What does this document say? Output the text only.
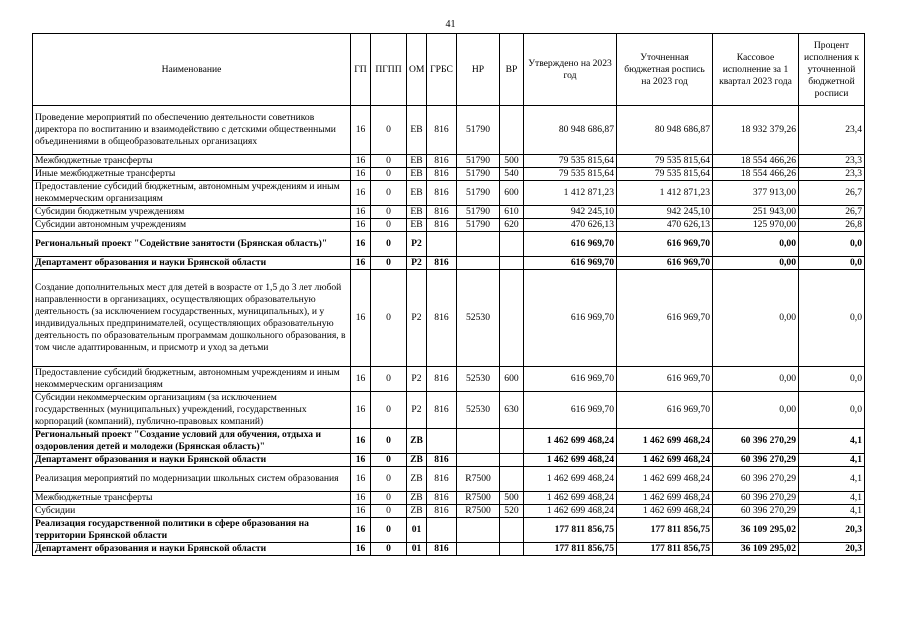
41
Наименование	ГП	ПГПП	ОМ	ГРБС	НР	ВР	Утверждено на 2023 год	Уточненная бюджетная роспись на 2023 год	Кассовое исполнение за 1 квартал 2023 года	Процент исполнения к уточненной бюджетной росписи
Проведение мероприятий по обеспечению деятельности советников директора по воспитанию и взаимодействию с детскими общественными объединениями в общеобразовательных организациях	16	0	ЕВ	816	51790		80 948 686,87	80 948 686,87	18 932 379,26	23,4
Межбюджетные трансферты	16	0	ЕВ	816	51790	500	79 535 815,64	79 535 815,64	18 554 466,26	23,3
Иные межбюджетные трансферты	16	0	ЕВ	816	51790	540	79 535 815,64	79 535 815,64	18 554 466,26	23,3
Предоставление субсидий бюджетным, автономным учреждениям и иным некоммерческим организациям	16	0	ЕВ	816	51790	600	1 412 871,23	1 412 871,23	377 913,00	26,7
Субсидии бюджетным учреждениям	16	0	ЕВ	816	51790	610	942 245,10	942 245,10	251 943,00	26,7
Субсидии автономным учреждениям	16	0	ЕВ	816	51790	620	470 626,13	470 626,13	125 970,00	26,8
Региональный проект "Содействие занятости (Брянская область)"	16	0	Р2				616 969,70	616 969,70	0,00	0,0
Департамент образования и науки Брянской области	16	0	Р2	816			616 969,70	616 969,70	0,00	0,0
Создание дополнительных мест для детей в возрасте от 1,5 до 3 лет любой направленности в организациях, осуществляющих образовательную деятельность (за исключением государственных, муниципальных), и у индивидуальных предпринимателей, осуществляющих образовательную деятельность по образовательным программам дошкольного образования, в том числе адаптированным, и присмотр и уход за детьми	16	0	Р2	816	52530		616 969,70	616 969,70	0,00	0,0
Предоставление субсидий бюджетным, автономным учреждениям и иным некоммерческим организациям	16	0	Р2	816	52530	600	616 969,70	616 969,70	0,00	0,0
Субсидии некоммерческим организациям (за исключением государственных (муниципальных) учреждений, государственных корпораций (компаний), публично-правовых компаний)	16	0	Р2	816	52530	630	616 969,70	616 969,70	0,00	0,0
Региональный проект "Создание условий для обучения, отдыха и оздоровления детей и молодежи (Брянская область)"	16	0	ZB				1 462 699 468,24	1 462 699 468,24	60 396 270,29	4,1
Департамент образования и науки Брянской области	16	0	ZB	816			1 462 699 468,24	1 462 699 468,24	60 396 270,29	4,1
Реализация мероприятий по модернизации школьных систем образования	16	0	ZB	816	R7500		1 462 699 468,24	1 462 699 468,24	60 396 270,29	4,1
Межбюджетные трансферты	16	0	ZB	816	R7500	500	1 462 699 468,24	1 462 699 468,24	60 396 270,29	4,1
Субсидии	16	0	ZB	816	R7500	520	1 462 699 468,24	1 462 699 468,24	60 396 270,29	4,1
Реализация государственной политики в сфере образования на территории Брянской области	16	0	01				177 811 856,75	177 811 856,75	36 109 295,02	20,3
Департамент образования и науки Брянской области	16	0	01	816			177 811 856,75	177 811 856,75	36 109 295,02	20,3
